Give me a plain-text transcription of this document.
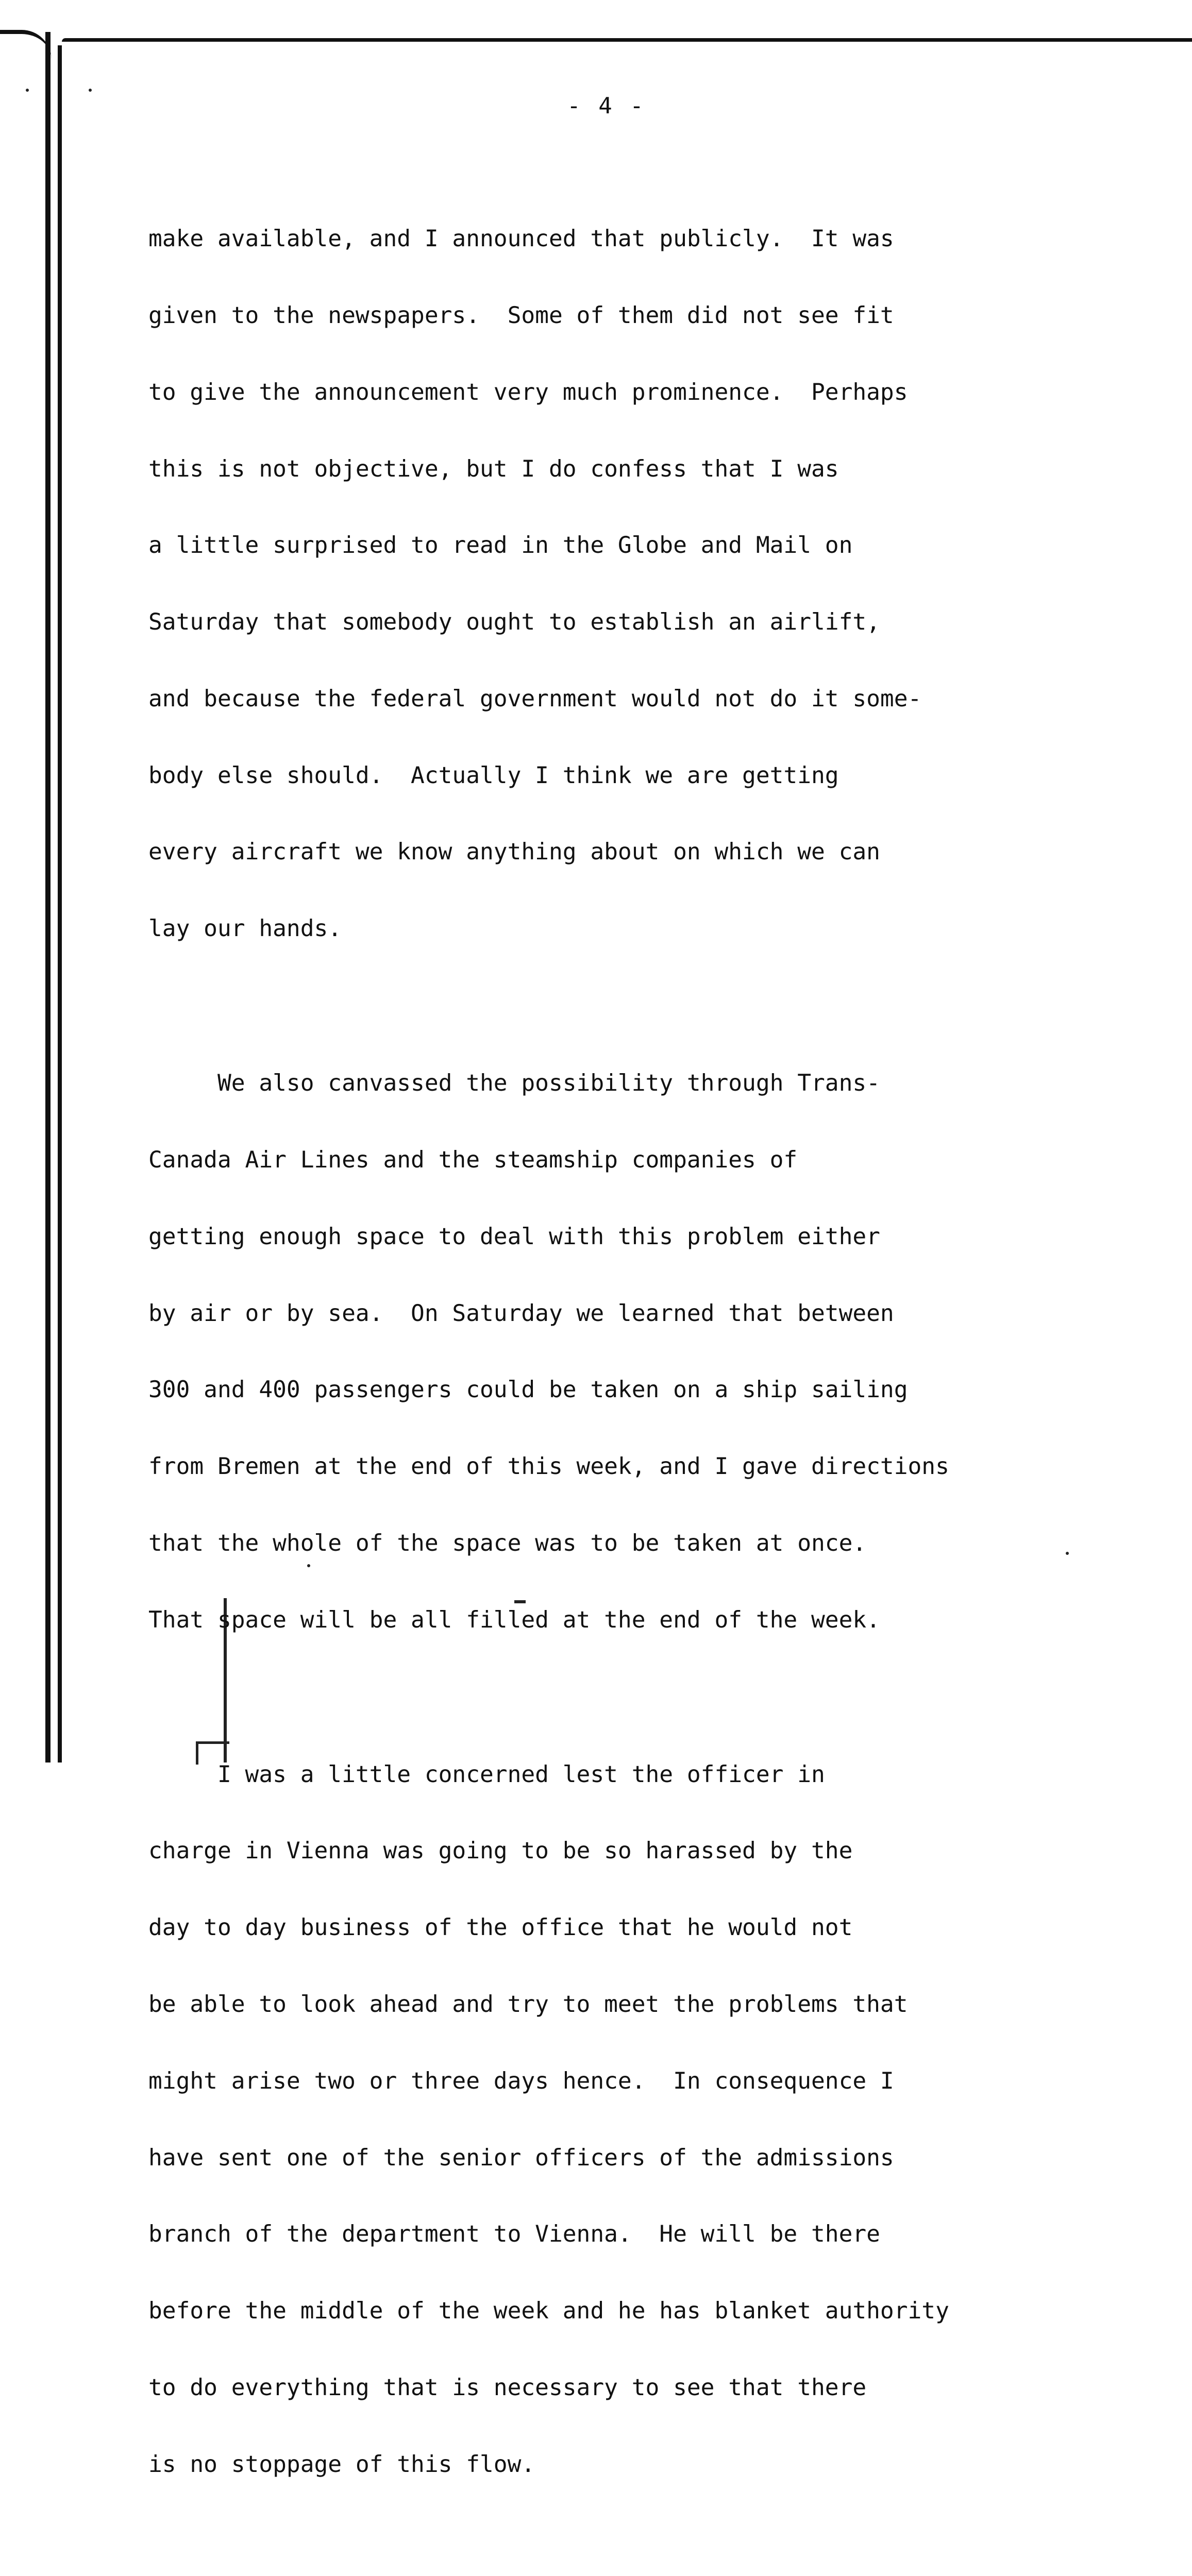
- 4 -

make available, and I announced that publicly.  It was

given to the newspapers.  Some of them did not see fit

to give the announcement very much prominence.  Perhaps

this is not objective, but I do confess that I was

a little surprised to read in the Globe and Mail on

Saturday that somebody ought to establish an airlift,

and because the federal government would not do it some-

body else should.  Actually I think we are getting

every aircraft we know anything about on which we can

lay our hands.

We also canvassed the possibility through Trans-

Canada Air Lines and the steamship companies of

getting enough space to deal with this problem either

by air or by sea.  On Saturday we learned that between

300 and 400 passengers could be taken on a ship sailing

from Bremen at the end of this week, and I gave directions

that the whole of the space was to be taken at once.

That space will be all filled at the end of the week.

I was a little concerned lest the officer in

charge in Vienna was going to be so harassed by the

day to day business of the office that he would not

be able to look ahead and try to meet the problems that

might arise two or three days hence.  In consequence I

have sent one of the senior officers of the admissions

branch of the department to Vienna.  He will be there

before the middle of the week and he has blanket authority

to do everything that is necessary to see that there

is no stoppage of this flow.
